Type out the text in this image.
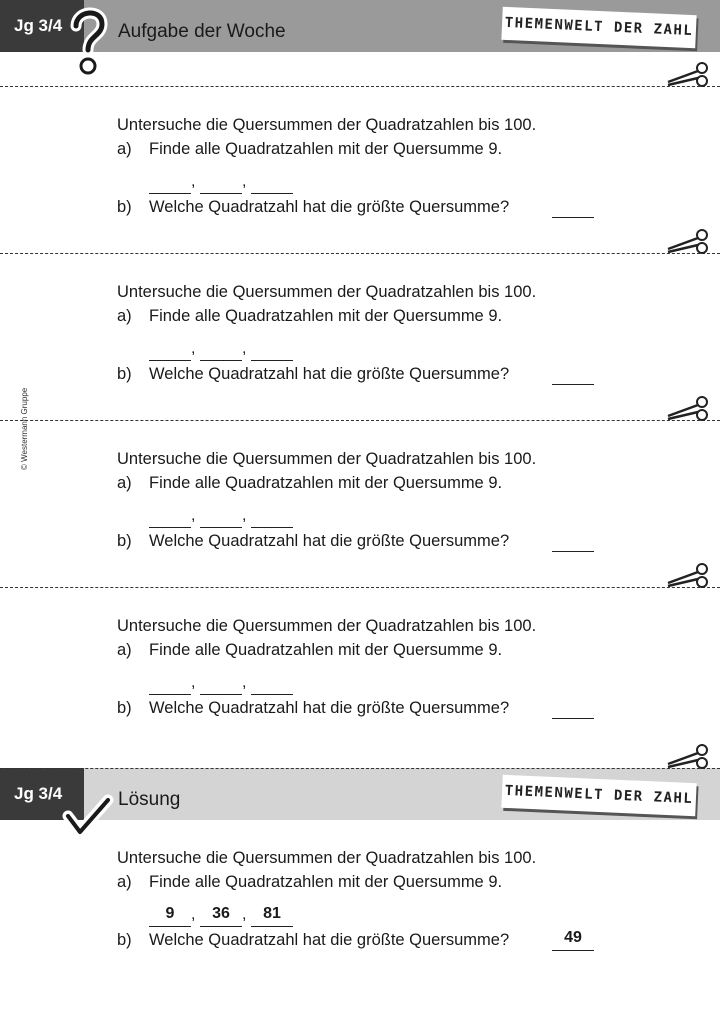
Jg 3/4	Aufgabe der Woche	THEMENWELT DER ZAHL
© Westermann Gruppe
Untersuche die Quersummen der Quadratzahlen bis 100.
a) Finde alle Quadratzahlen mit der Quersumme 9.
,	,
b) Welche Quadratzahl hat die größte Quersumme?
Untersuche die Quersummen der Quadratzahlen bis 100.
a) Finde alle Quadratzahlen mit der Quersumme 9.
,	,
b) Welche Quadratzahl hat die größte Quersumme?
Untersuche die Quersummen der Quadratzahlen bis 100.
a) Finde alle Quadratzahlen mit der Quersumme 9.
,	,
b) Welche Quadratzahl hat die größte Quersumme?
Untersuche die Quersummen der Quadratzahlen bis 100.
a) Finde alle Quadratzahlen mit der Quersumme 9.
,	,
b) Welche Quadratzahl hat die größte Quersumme?
Jg 3/4	Lösung	THEMENWELT DER ZAHL
Untersuche die Quersummen der Quadratzahlen bis 100.
a) Finde alle Quadratzahlen mit der Quersumme 9.
9	,	36 ,	81
b) Welche Quadratzahl hat die größte Quersumme?	49
